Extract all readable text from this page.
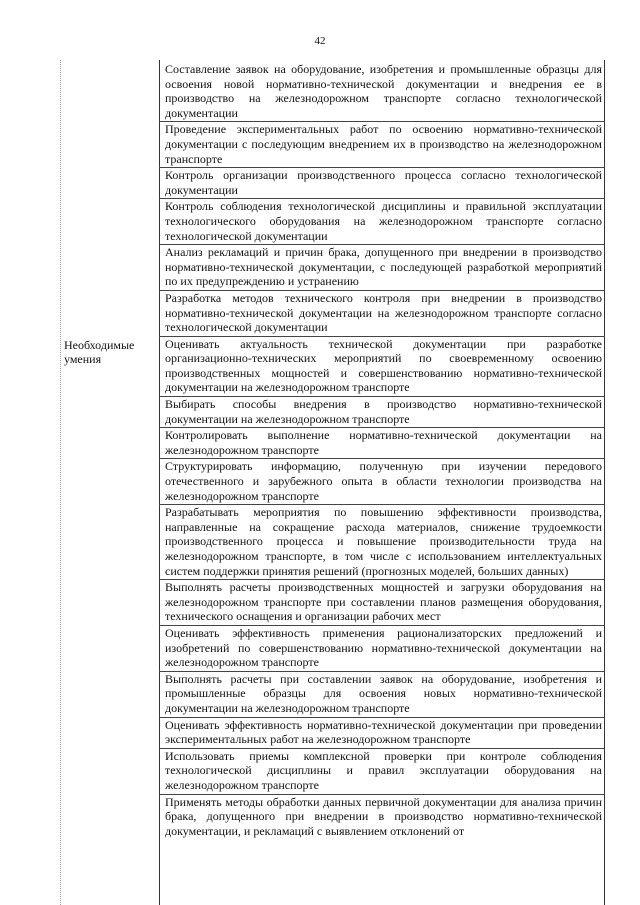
42
Составление заявок на оборудование, изобретения и промышленные образцы для освоения новой нормативно-технической документации и внедрения ее в производство на железнодорожном транспорте согласно технологической документации
Проведение экспериментальных работ по освоению нормативно-технической документации с последующим внедрением их в производство на железнодорожном транспорте
Контроль организации производственного процесса согласно технологической документации
Контроль соблюдения технологической дисциплины и правильной эксплуатации технологического оборудования на железнодорожном транспорте согласно технологической документации
Анализ рекламаций и причин брака, допущенного при внедрении в производство нормативно-технической документации, с последующей разработкой мероприятий по их предупреждению и устранению
Разработка методов технического контроля при внедрении в производство нормативно-технической документации на железнодорожном транспорте согласно технологической документации
Необходимые умения
Оценивать актуальность технической документации при разработке организационно-технических мероприятий по своевременному освоению производственных мощностей и совершенствованию нормативно-технической документации на железнодорожном транспорте
Выбирать способы внедрения в производство нормативно-технической документации на железнодорожном транспорте
Контролировать выполнение нормативно-технической документации на железнодорожном транспорте
Структурировать информацию, полученную при изучении передового отечественного и зарубежного опыта в области технологии производства на железнодорожном транспорте
Разрабатывать мероприятия по повышению эффективности производства, направленные на сокращение расхода материалов, снижение трудоемкости производственного процесса и повышение производительности труда на железнодорожном транспорте, в том числе с использованием интеллектуальных систем поддержки принятия решений (прогнозных моделей, больших данных)
Выполнять расчеты производственных мощностей и загрузки оборудования на железнодорожном транспорте при составлении планов размещения оборудования, технического оснащения и организации рабочих мест
Оценивать эффективность применения рационализаторских предложений и изобретений по совершенствованию нормативно-технической документации на железнодорожном транспорте
Выполнять расчеты при составлении заявок на оборудование, изобретения и промышленные образцы для освоения новых нормативно-технической документации на железнодорожном транспорте
Оценивать эффективность нормативно-технической документации при проведении экспериментальных работ на железнодорожном транспорте
Использовать приемы комплексной проверки при контроле соблюдения технологической дисциплины и правил эксплуатации оборудования на железнодорожном транспорте
Применять методы обработки данных первичной документации для анализа причин брака, допущенного при внедрении в производство нормативно-технической документации, и рекламаций с выявлением отклонений от
